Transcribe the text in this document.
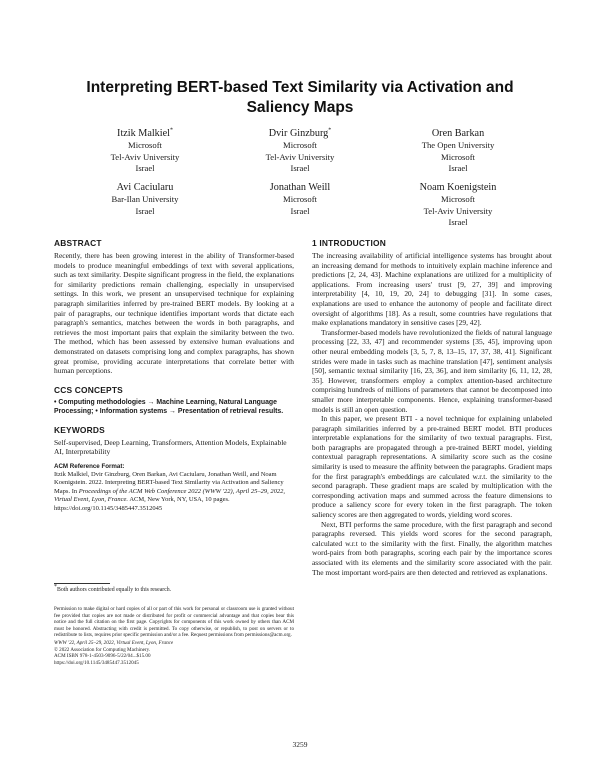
Interpreting BERT-based Text Similarity via Activation and Saliency Maps
Itzik Malkiel*
Microsoft
Tel-Aviv University
Israel
Dvir Ginzburg*
Microsoft
Tel-Aviv University
Israel
Oren Barkan
The Open University
Microsoft
Israel
Avi Caciularu
Bar-Ilan University
Israel
Jonathan Weill
Microsoft
Israel
Noam Koenigstein
Microsoft
Tel-Aviv University
Israel
ABSTRACT
Recently, there has been growing interest in the ability of Transformer-based models to produce meaningful embeddings of text with several applications, such as text similarity. Despite significant progress in the field, the explanations for similarity predictions remain challenging, especially in unsupervised settings. In this work, we present an unsupervised technique for explaining paragraph similarities inferred by pre-trained BERT models. By looking at a pair of paragraphs, our technique identifies important words that dictate each paragraph's semantics, matches between the words in both paragraphs, and retrieves the most important pairs that explain the similarity between the two. The method, which has been assessed by extensive human evaluations and demonstrated on datasets comprising long and complex paragraphs, has shown great promise, providing accurate interpretations that correlate better with human perceptions.
CCS CONCEPTS
• Computing methodologies → Machine Learning, Natural Language Processing; • Information systems → Presentation of retrieval results.
KEYWORDS
Self-supervised, Deep Learning, Transformers, Attention Models, Explainable AI, Interpretability
ACM Reference Format:
Itzik Malkiel, Dvir Ginzburg, Oren Barkan, Avi Caciularu, Jonathan Weill, and Noam Koenigstein. 2022. Interpreting BERT-based Text Similarity via Activation and Saliency Maps. In Proceedings of the ACM Web Conference 2022 (WWW '22), April 25–29, 2022, Virtual Event, Lyon, France. ACM, New York, NY, USA, 10 pages. https://doi.org/10.1145/3485447.3512045
*Both authors contributed equally to this research.
Permission to make digital or hard copies of all or part of this work for personal or classroom use is granted without fee provided that copies are not made or distributed for profit or commercial advantage and that copies bear this notice and the full citation on the first page. Copyrights for components of this work owned by others than ACM must be honored. Abstracting with credit is permitted. To copy otherwise, or republish, to post on servers or to redistribute to lists, requires prior specific permission and/or a fee. Request permissions from permissions@acm.org.
WWW '22, April 25–29, 2022, Virtual Event, Lyon, France
© 2022 Association for Computing Machinery.
ACM ISBN 978-1-4503-9096-5/22/04...$15.00
https://doi.org/10.1145/3485447.3512045
1 INTRODUCTION
The increasing availability of artificial intelligence systems has brought about an increasing demand for methods to intuitively explain machine inference and predictions [2, 24, 43]. Machine explanations are utilized for a multiplicity of applications. From increasing users' trust [9, 27, 39] and improving interpretability [4, 10, 19, 20, 24] to debugging [31]. In some cases, explanations are used to enhance the autonomy of people and facilitate direct oversight of algorithms [18]. As a result, some countries have regulations that make explanations mandatory in sensitive cases [29, 42].
Transformer-based models have revolutionized the fields of natural language processing [22, 33, 47] and recommender systems [35, 45], improving upon other neural embedding models [3, 5, 7, 8, 13–15, 17, 37, 38, 41]. Significant strides were made in tasks such as machine translation [47], sentiment analysis [50], semantic textual similarity [16, 23, 36], and item similarity [6, 11, 12, 28, 35]. However, transformers employ a complex attention-based architecture comprising hundreds of millions of parameters that cannot be decomposed into smaller more interpretable components. Hence, explaining transformer-based models is still an open question.
In this paper, we present BTI - a novel technique for explaining unlabeled paragraph similarities inferred by a pre-trained BERT model. BTI produces interpretable explanations for the similarity of two textual paragraphs. First, both paragraphs are propagated through a pre-trained BERT model, yielding contextual paragraph representations. A similarity score such as the cosine similarity is used to measure the affinity between the paragraphs. Gradient maps for the first paragraph's embeddings are calculated w.r.t. the similarity to the second paragraph. These gradient maps are scaled by multiplication with the corresponding activation maps and summed across the feature dimensions to produce a saliency score for every token in the first paragraph. The token saliency scores are then aggregated to words, yielding word scores.
Next, BTI performs the same procedure, with the first paragraph and second paragraphs reversed. This yields word scores for the second paragraph, calculated w.r.t to the similarity with the first. Finally, the algorithm matches word-pairs from both paragraphs, scoring each pair by the importance scores associated with its elements and the similarity score associated with the pair. The most important word-pairs are then detected and retrieved as explanations.
3259
